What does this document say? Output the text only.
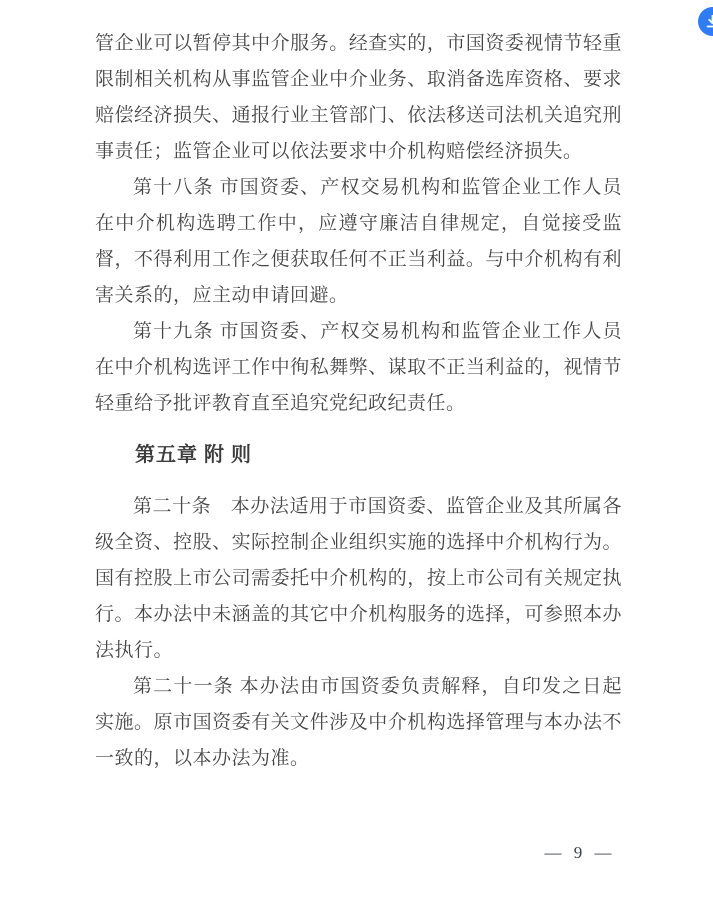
管企业可以暂停其中介服务。经查实的，市国资委视情节轻重限制相关机构从事监管企业中介业务、取消备选库资格、要求赔偿经济损失、通报行业主管部门、依法移送司法机关追究刑事责任；监管企业可以依法要求中介机构赔偿经济损失。

第十八条 市国资委、产权交易机构和监管企业工作人员在中介机构选聘工作中，应遵守廉洁自律规定，自觉接受监督，不得利用工作之便获取任何不正当利益。与中介机构有利害关系的，应主动申请回避。

第十九条 市国资委、产权交易机构和监管企业工作人员在中介机构选评工作中徇私舞弊、谋取不正当利益的，视情节轻重给予批评教育直至追究党纪政纪责任。

第五章 附 则

第二十条　本办法适用于市国资委、监管企业及其所属各级全资、控股、实际控制企业组织实施的选择中介机构行为。国有控股上市公司需委托中介机构的，按上市公司有关规定执行。本办法中未涵盖的其它中介机构服务的选择，可参照本办法执行。

第二十一条 本办法由市国资委负责解释，自印发之日起实施。原市国资委有关文件涉及中介机构选择管理与本办法不一致的，以本办法为准。

— 9 —
